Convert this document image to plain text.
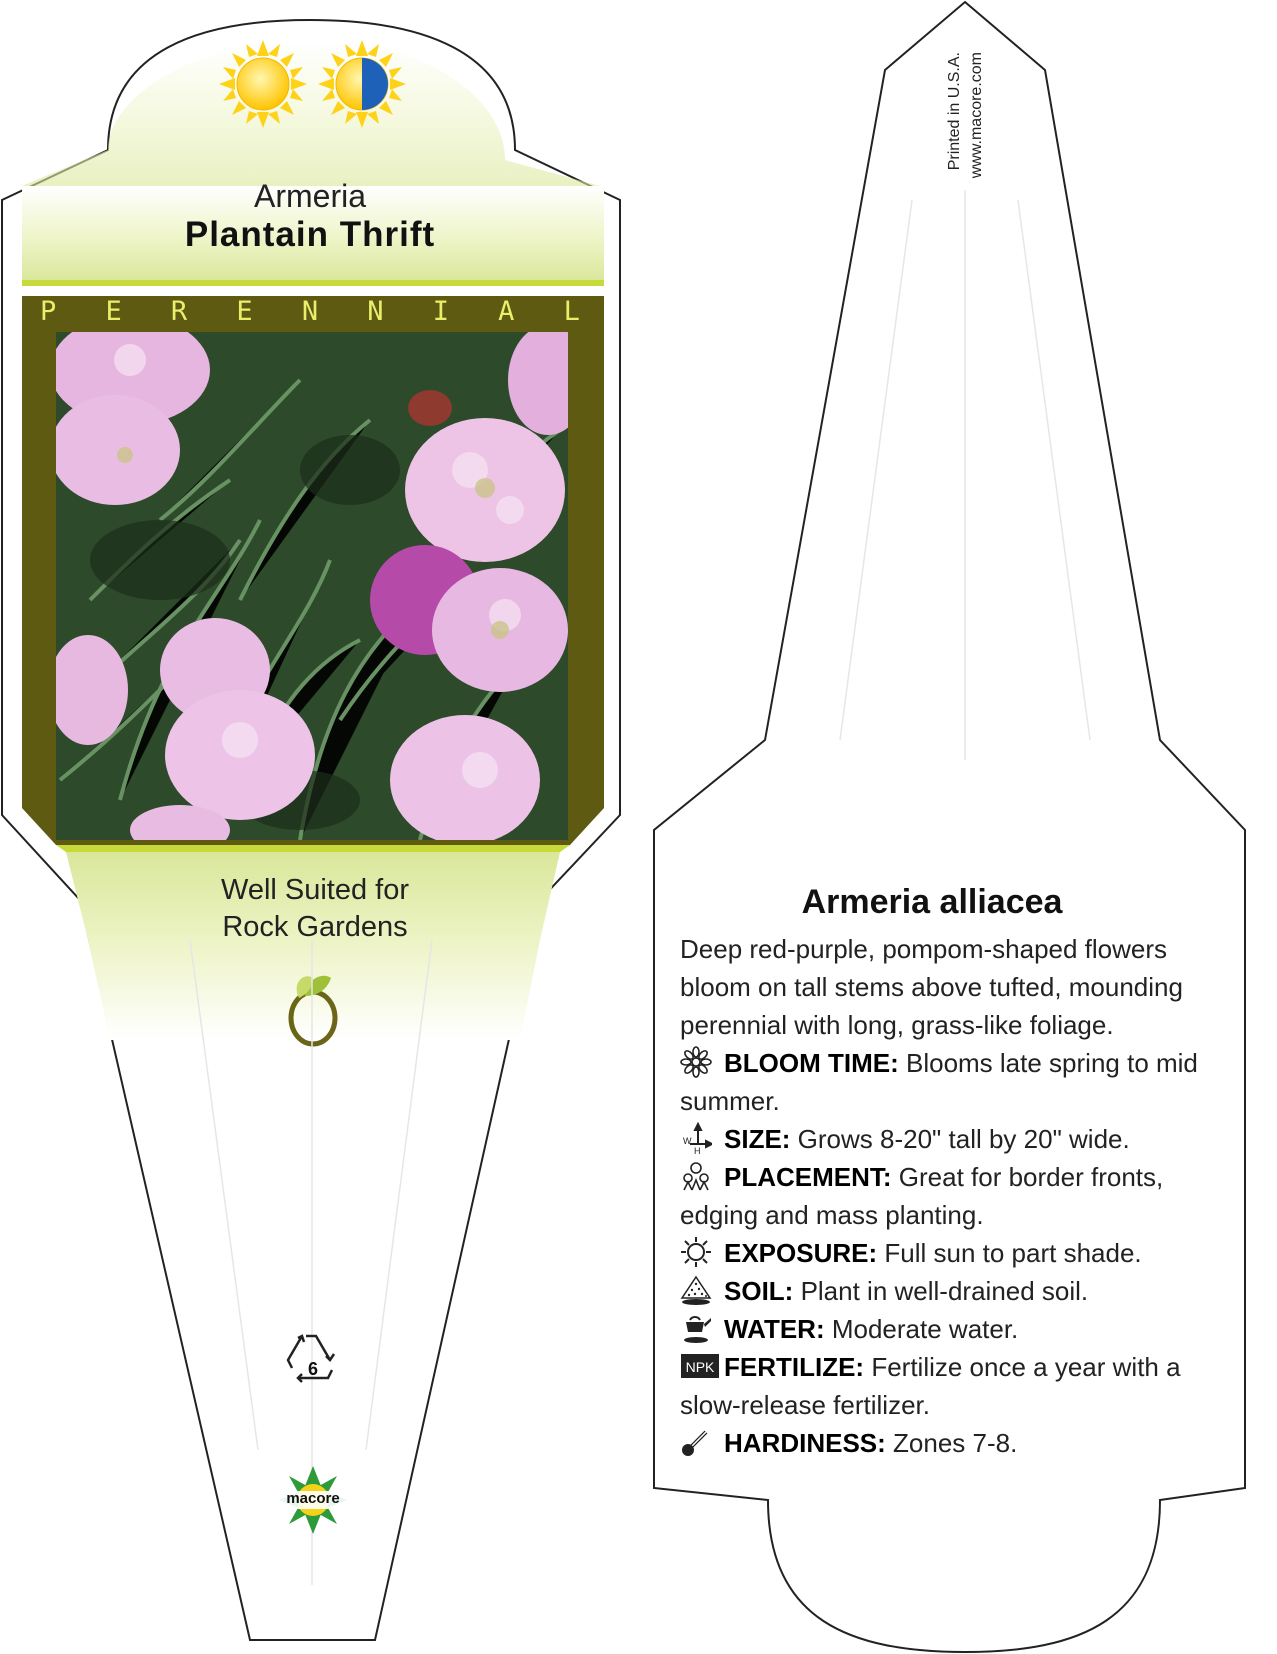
Armeria
Plantain Thrift
P E R E N N I A L
Well Suited for
Rock Gardens
6
macore
Printed in U.S.A. www.macore.com
Armeria alliacea

Deep red-purple, pompom-shaped flowers bloom on tall stems above tufted, mounding perennial with long, grass-like foliage.

BLOOM TIME: Blooms late spring to mid summer.

W
H SIZE: Grows 8-20" tall by 20" wide.

PLACEMENT: Great for border fronts, edging and mass planting.

EXPOSURE: Full sun to part shade.

SOIL: Plant in well-drained soil.

WATER: Moderate water.

NPK FERTILIZE: Fertilize once a year with a slow-release fertilizer.

HARDINESS: Zones 7-8.
